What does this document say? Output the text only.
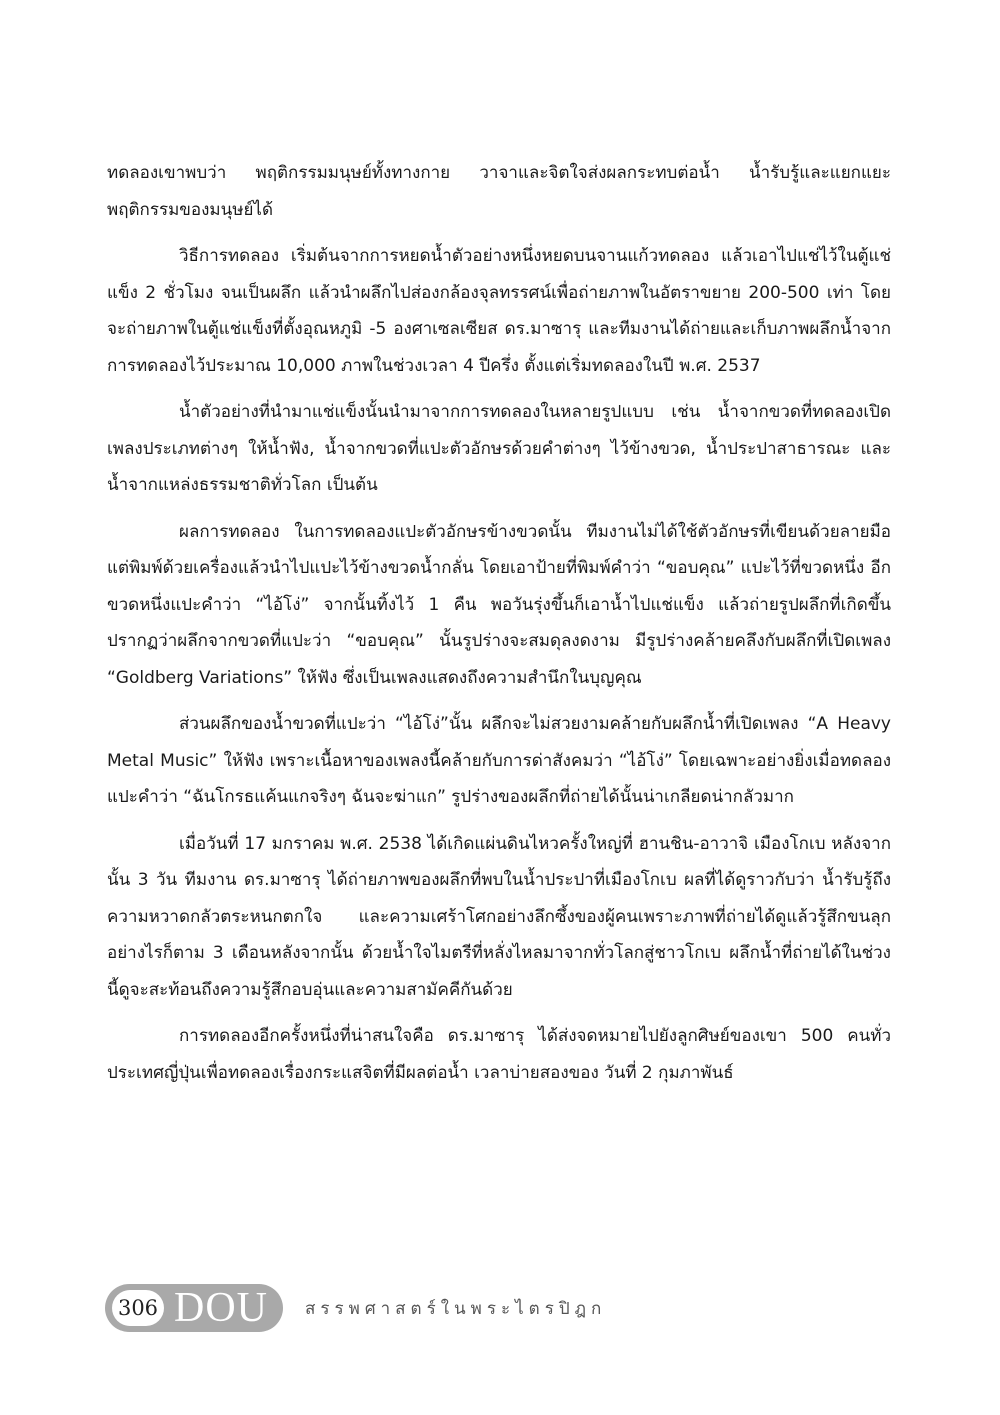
ทดลองเขาพบว่า พฤติกรรมมนุษย์ทั้งทางกาย วาจาและจิตใจส่งผลกระทบต่อน้ำ น้ำรับรู้และแยกแยะพฤติกรรมของมนุษย์ได้

วิธีการทดลอง เริ่มต้นจากการหยดน้ำตัวอย่างหนึ่งหยดบนจานแก้วทดลอง แล้วเอาไปแช่ไว้ในตู้แช่แข็ง 2 ชั่วโมง จนเป็นผลึก แล้วนำผลึกไปส่องกล้องจุลทรรศน์เพื่อถ่ายภาพในอัตราขยาย 200-500 เท่า โดยจะถ่ายภาพในตู้แช่แข็งที่ตั้งอุณหภูมิ -5 องศาเซลเซียส ดร.มาซารุ และทีมงานได้ถ่ายและเก็บภาพผลึกน้ำจากการทดลองไว้ประมาณ 10,000 ภาพในช่วงเวลา 4 ปีครึ่ง ตั้งแต่เริ่มทดลองในปี พ.ศ. 2537

น้ำตัวอย่างที่นำมาแช่แข็งนั้นนำมาจากการทดลองในหลายรูปแบบ เช่น น้ำจากขวดที่ทดลองเปิดเพลงประเภทต่างๆ ให้น้ำฟัง, น้ำจากขวดที่แปะตัวอักษรด้วยคำต่างๆ ไว้ข้างขวด, น้ำประปาสาธารณะ และ น้ำจากแหล่งธรรมชาติทั่วโลก เป็นต้น

ผลการทดลอง ในการทดลองแปะตัวอักษรข้างขวดนั้น ทีมงานไม่ได้ใช้ตัวอักษรที่เขียนด้วยลายมือ แต่พิมพ์ด้วยเครื่องแล้วนำไปแปะไว้ข้างขวดน้ำกลั่น โดยเอาป้ายที่พิมพ์คำว่า “ขอบคุณ” แปะไว้ที่ขวดหนึ่ง อีกขวดหนึ่งแปะคำว่า “ไอ้โง่” จากนั้นทิ้งไว้ 1 คืน พอวันรุ่งขึ้นก็เอาน้ำไปแช่แข็ง แล้วถ่ายรูปผลึกที่เกิดขึ้น ปรากฏว่าผลึกจากขวดที่แปะว่า “ขอบคุณ” นั้นรูปร่างจะสมดุลงดงาม มีรูปร่างคล้ายคลึงกับผลึกที่เปิดเพลง “Goldberg Variations” ให้ฟัง ซึ่งเป็นเพลงแสดงถึงความสำนึกในบุญคุณ

ส่วนผลึกของน้ำขวดที่แปะว่า “ไอ้โง่”นั้น ผลึกจะไม่สวยงามคล้ายกับผลึกน้ำที่เปิดเพลง “A Heavy Metal Music” ให้ฟัง เพราะเนื้อหาของเพลงนี้คล้ายกับการด่าสังคมว่า “ไอ้โง่” โดยเฉพาะอย่างยิ่งเมื่อทดลองแปะคำว่า “ฉันโกรธแค้นแกจริงๆ ฉันจะฆ่าแก” รูปร่างของผลึกที่ถ่ายได้นั้นน่าเกลียดน่ากลัวมาก

เมื่อวันที่ 17 มกราคม พ.ศ. 2538 ได้เกิดแผ่นดินไหวครั้งใหญ่ที่ ฮานชิน-อาวาจิ เมืองโกเบ หลังจากนั้น 3 วัน ทีมงาน ดร.มาซารุ ได้ถ่ายภาพของผลึกที่พบในน้ำประปาที่เมืองโกเบ ผลที่ได้ดูราวกับว่า น้ำรับรู้ถึงความหวาดกลัวตระหนกตกใจ และความเศร้าโศกอย่างลึกซึ้งของผู้คนเพราะภาพที่ถ่ายได้ดูแล้วรู้สึกขนลุก อย่างไรก็ตาม 3 เดือนหลังจากนั้น ด้วยน้ำใจไมตรีที่หลั่งไหลมาจากทั่วโลกสู่ชาวโกเบ ผลึกน้ำที่ถ่ายได้ในช่วงนี้ดูจะสะท้อนถึงความรู้สึกอบอุ่นและความสามัคคีกันด้วย

การทดลองอีกครั้งหนึ่งที่น่าสนใจคือ ดร.มาซารุ ได้ส่งจดหมายไปยังลูกศิษย์ของเขา 500 คนทั่วประเทศญี่ปุ่นเพื่อทดลองเรื่องกระแสจิตที่มีผลต่อน้ำ เวลาบ่ายสองของ วันที่ 2 กุมภาพันธ์

306 DOU สรรพศาสตร์ในพระไตรปิฎก
